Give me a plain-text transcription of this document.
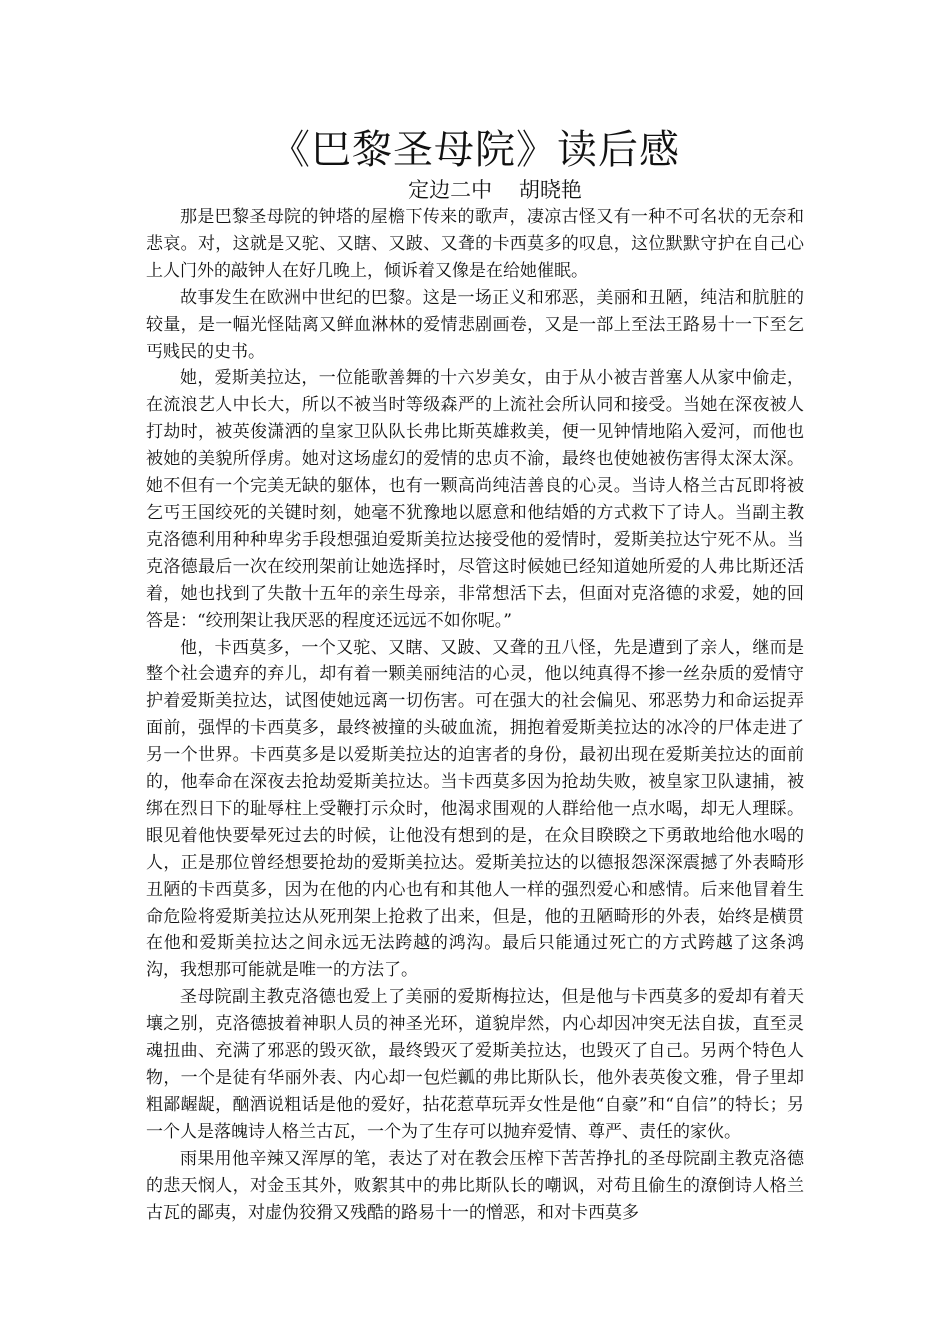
《巴黎圣母院》读后感
定边二中    胡晓艳

那是巴黎圣母院的钟塔的屋檐下传来的歌声，凄凉古怪又有一种不可名状的无奈和悲哀。对，这就是又驼、又瞎、又跛、又聋的卡西莫多的叹息，这位默默守护在自己心上人门外的敲钟人在好几晚上，倾诉着又像是在给她催眠。

故事发生在欧洲中世纪的巴黎。这是一场正义和邪恶，美丽和丑陋，纯洁和肮脏的较量，是一幅光怪陆离又鲜血淋林的爱情悲剧画卷，又是一部上至法王路易十一下至乞丐贱民的史书。

她，爱斯美拉达，一位能歌善舞的十六岁美女，由于从小被吉普塞人从家中偷走，在流浪艺人中长大，所以不被当时等级森严的上流社会所认同和接受。当她在深夜被人打劫时，被英俊潇洒的皇家卫队队长弗比斯英雄救美，便一见钟情地陷入爱河，而他也被她的美貌所俘虏。她对这场虚幻的爱情的忠贞不渝，最终也使她被伤害得太深太深。她不但有一个完美无缺的躯体，也有一颗高尚纯洁善良的心灵。当诗人格兰古瓦即将被乞丐王国绞死的关键时刻，她毫不犹豫地以愿意和他结婚的方式救下了诗人。当副主教克洛德利用种种卑劣手段想强迫爱斯美拉达接受他的爱情时，爱斯美拉达宁死不从。当克洛德最后一次在绞刑架前让她选择时，尽管这时候她已经知道她所爱的人弗比斯还活着，她也找到了失散十五年的亲生母亲，非常想活下去，但面对克洛德的求爱，她的回答是：“绞刑架让我厌恶的程度还远远不如你呢。”

他，卡西莫多，一个又驼、又瞎、又跛、又聋的丑八怪，先是遭到了亲人，继而是整个社会遗弃的弃儿，却有着一颗美丽纯洁的心灵，他以纯真得不掺一丝杂质的爱情守护着爱斯美拉达，试图使她远离一切伤害。可在强大的社会偏见、邪恶势力和命运捉弄面前，强悍的卡西莫多，最终被撞的头破血流，拥抱着爱斯美拉达的冰冷的尸体走进了另一个世界。卡西莫多是以爱斯美拉达的迫害者的身份，最初出现在爱斯美拉达的面前的，他奉命在深夜去抢劫爱斯美拉达。当卡西莫多因为抢劫失败，被皇家卫队逮捕，被绑在烈日下的耻辱柱上受鞭打示众时，他渴求围观的人群给他一点水喝，却无人理睬。眼见着他快要晕死过去的时候，让他没有想到的是，在众目睽睽之下勇敢地给他水喝的人，正是那位曾经想要抢劫的爱斯美拉达。爱斯美拉达的以德报怨深深震撼了外表畸形丑陋的卡西莫多，因为在他的内心也有和其他人一样的强烈爱心和感情。后来他冒着生命危险将爱斯美拉达从死刑架上抢救了出来，但是，他的丑陋畸形的外表，始终是横贯在他和爱斯美拉达之间永远无法跨越的鸿沟。最后只能通过死亡的方式跨越了这条鸿沟，我想那可能就是唯一的方法了。

圣母院副主教克洛德也爱上了美丽的爱斯梅拉达，但是他与卡西莫多的爱却有着天壤之别，克洛德披着神职人员的神圣光环，道貌岸然，内心却因冲突无法自拔，直至灵魂扭曲、充满了邪恶的毁灭欲，最终毁灭了爱斯美拉达，也毁灭了自己。另两个特色人物，一个是徒有华丽外表、内心却一包烂瓤的弗比斯队长，他外表英俊文雅，骨子里却粗鄙龌龊，酗酒说粗话是他的爱好，拈花惹草玩弄女性是他“自豪”和“自信”的特长；另一个人是落魄诗人格兰古瓦，一个为了生存可以抛弃爱情、尊严、责任的家伙。

雨果用他辛辣又浑厚的笔，表达了对在教会压榨下苦苦挣扎的圣母院副主教克洛德的悲天悯人，对金玉其外，败絮其中的弗比斯队长的嘲讽，对苟且偷生的潦倒诗人格兰古瓦的鄙夷，对虚伪狡猾又残酷的路易十一的憎恶，和对卡西莫多
